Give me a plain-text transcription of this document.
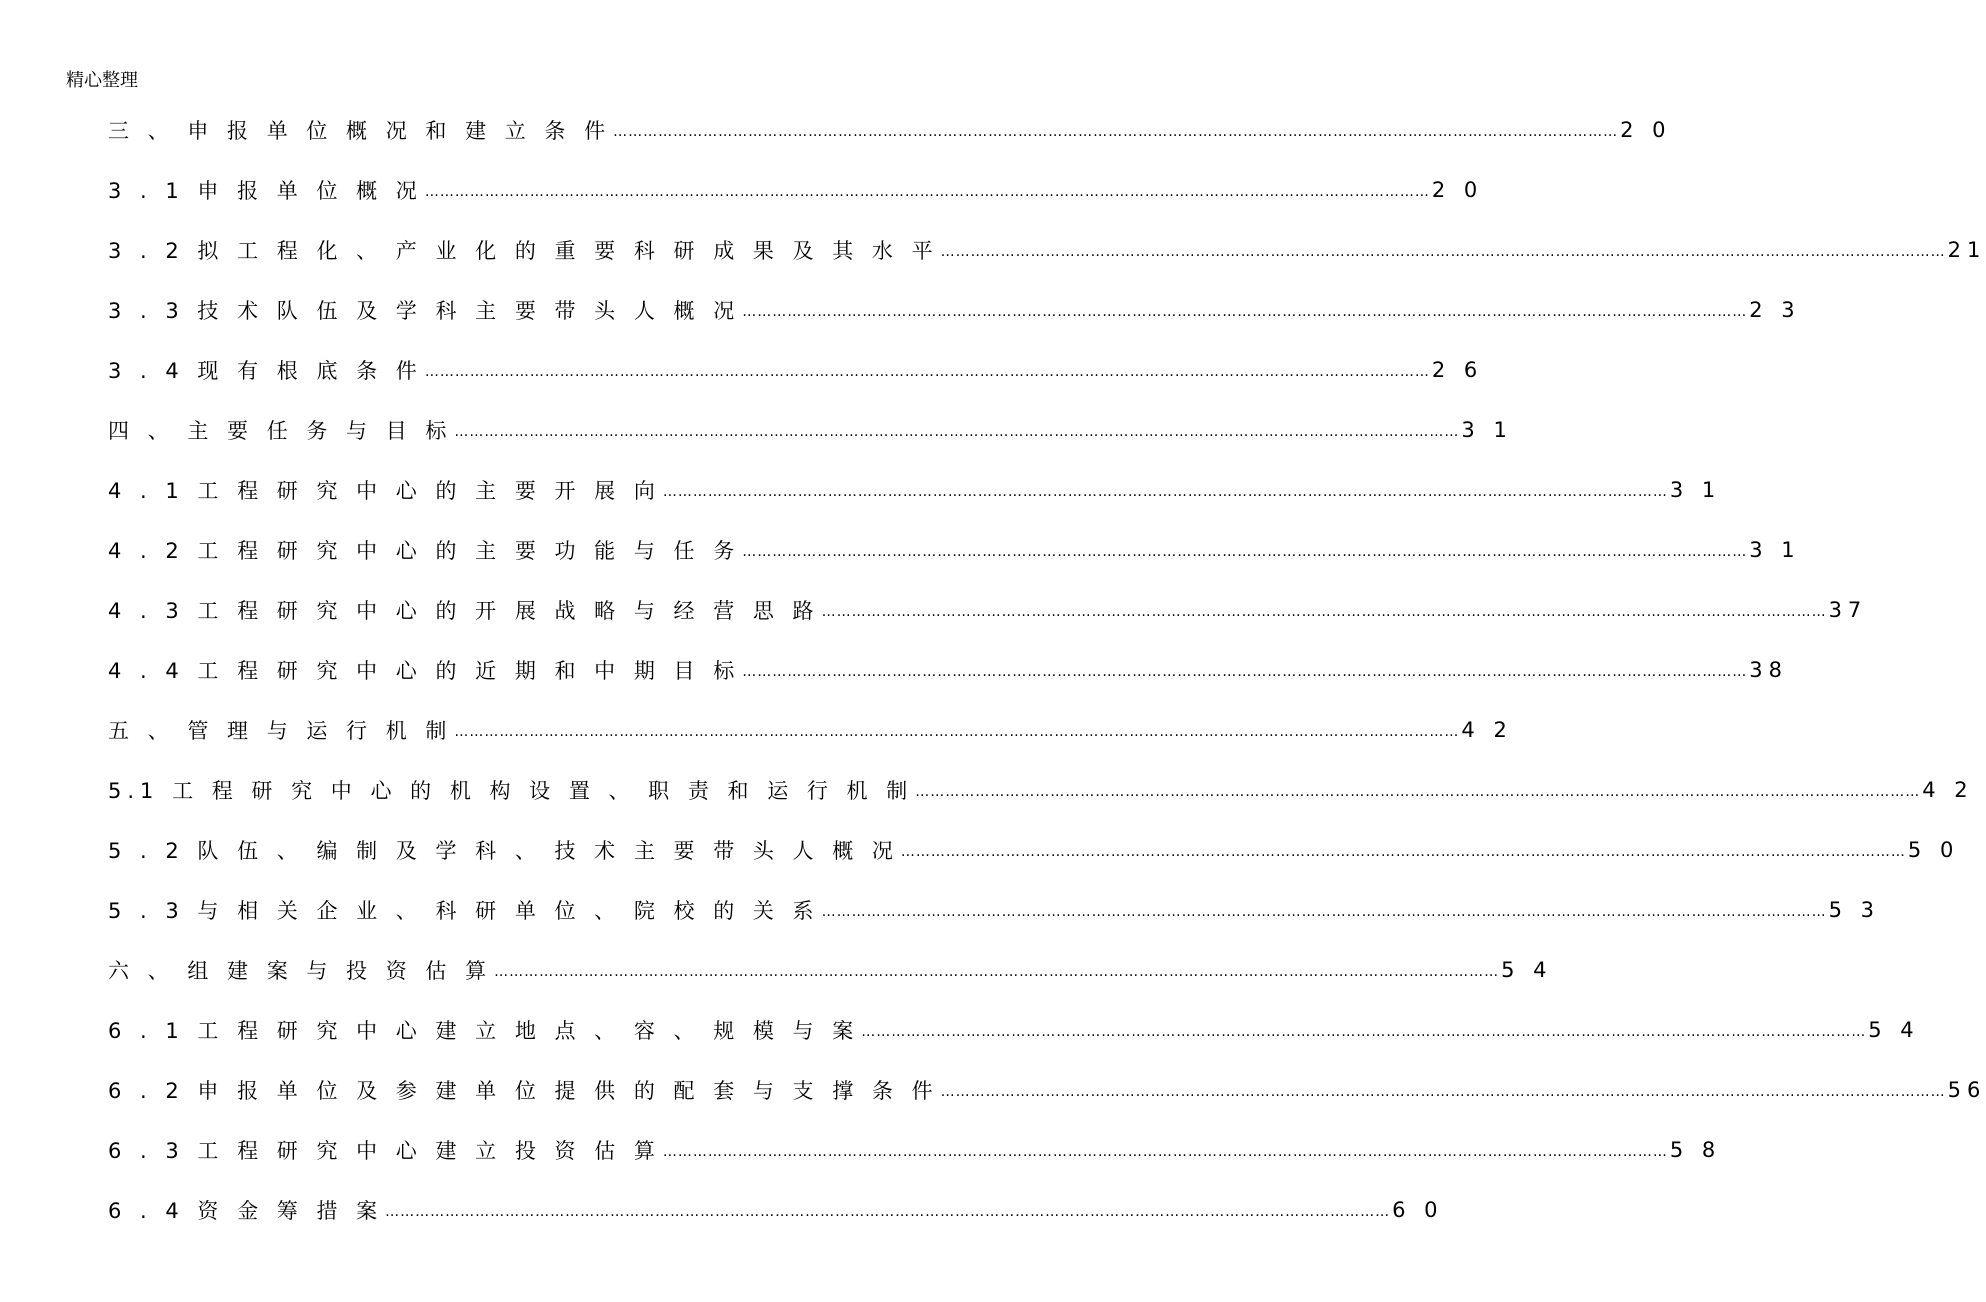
精心整理
三 、 申 报 单 位 概 况 和 建 立 条 件 …………………………………………………………………………………………………………………………………………………………………………………	2 0
3 . 1 申 报 单 位 概 况 …………………………………………………………………………………………………………………………………………………………………………………	2 0
3 . 2 拟 工 程 化 、 产 业 化 的 重 要 科 研 成 果 及 其 水 平 …………………………………………………………………………………………………………………………………………………………………………………	21
3 . 3 技 术 队 伍 及 学 科 主 要 带 头 人 概 况 …………………………………………………………………………………………………………………………………………………………………………………	2 3
3 . 4 现 有 根 底 条 件 …………………………………………………………………………………………………………………………………………………………………………………	2 6
四 、 主 要 任 务 与 目 标 …………………………………………………………………………………………………………………………………………………………………………………	3 1
4 . 1 工 程 研 究 中 心 的 主 要 开 展 向 …………………………………………………………………………………………………………………………………………………………………………………	3 1
4 . 2 工 程 研 究 中 心 的 主 要 功 能 与 任 务 …………………………………………………………………………………………………………………………………………………………………………………	3 1
4 . 3 工 程 研 究 中 心 的 开 展 战 略 与 经 营 思 路 …………………………………………………………………………………………………………………………………………………………………………………	37
4 . 4 工 程 研 究 中 心 的 近 期 和 中 期 目 标 …………………………………………………………………………………………………………………………………………………………………………………	38
五 、 管 理 与 运 行 机 制 …………………………………………………………………………………………………………………………………………………………………………………	4 2
5.1 工 程 研 究 中 心 的 机 构 设 置 、 职 责 和 运 行 机 制 …………………………………………………………………………………………………………………………………………………………………………………	4 2
5 . 2 队 伍 、 编 制 及 学 科 、 技 术 主 要 带 头 人 概 况 …………………………………………………………………………………………………………………………………………………………………………………	5 0
5 . 3 与 相 关 企 业 、 科 研 单 位 、 院 校 的 关 系 …………………………………………………………………………………………………………………………………………………………………………………	5 3
六 、 组 建 案 与 投 资 估 算 …………………………………………………………………………………………………………………………………………………………………………………	5 4
6 . 1 工 程 研 究 中 心 建 立 地 点 、 容 、 规 模 与 案 …………………………………………………………………………………………………………………………………………………………………………………	5 4
6 . 2 申 报 单 位 及 参 建 单 位 提 供 的 配 套 与 支 撑 条 件 …………………………………………………………………………………………………………………………………………………………………………………	56
6 . 3 工 程 研 究 中 心 建 立 投 资 估 算 …………………………………………………………………………………………………………………………………………………………………………………	5 8
6 . 4 资 金 筹 措 案 …………………………………………………………………………………………………………………………………………………………………………………	6 0
